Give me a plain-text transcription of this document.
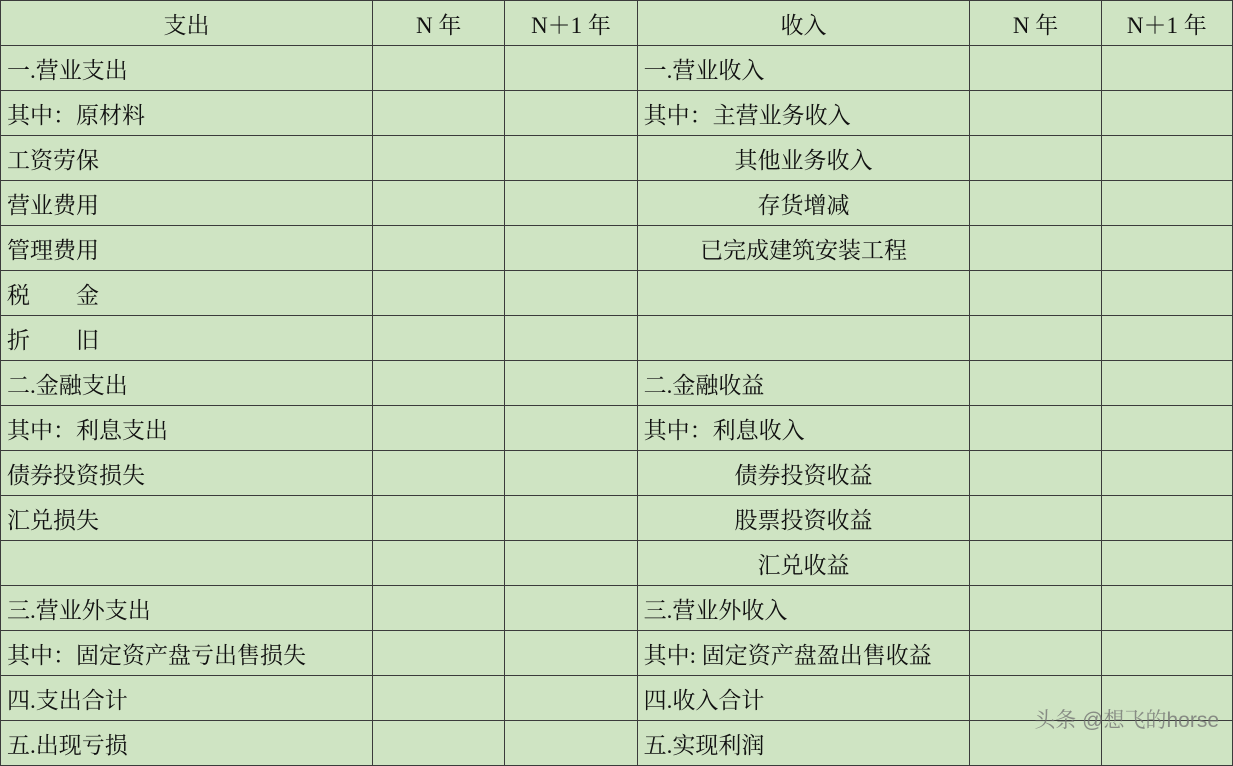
支出	N 年	N＋1 年	收入	N 年	N＋1 年
一.营业支出			一.营业收入		
其中：原材料			其中：主营业务收入		
工资劳保			其他业务收入		
营业费用			存货增减		
管理费用			已完成建筑安装工程		
税　　金					
折　　旧					
二.金融支出			二.金融收益		
其中：利息支出			其中：利息收入		
债券投资损失			债券投资收益		
汇兑损失			股票投资收益		
			汇兑收益		
三.营业外支出			三.营业外收入		
其中：固定资产盘亏出售损失			其中: 固定资产盘盈出售收益		
四.支出合计			四.收入合计		
五.出现亏损			五.实现利润		
头条 @想飞的horse
